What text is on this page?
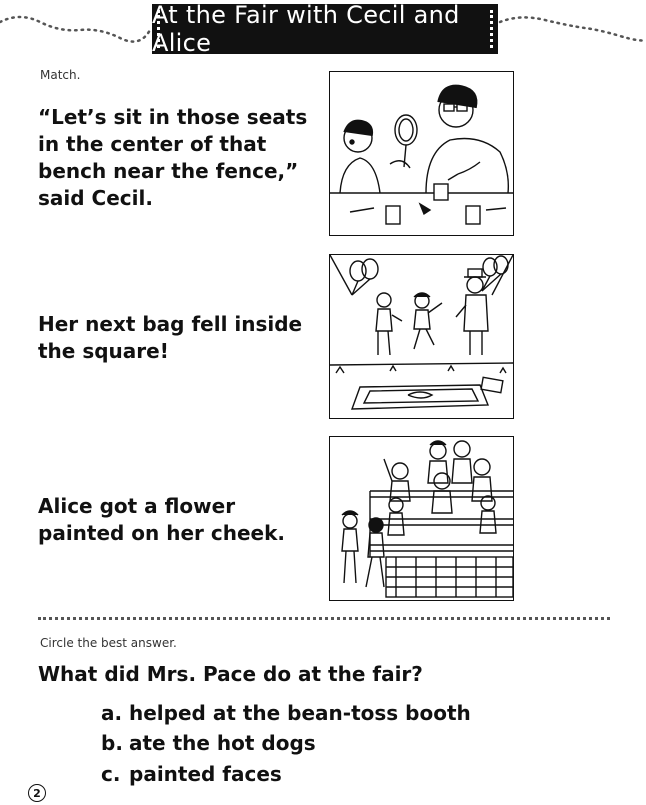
At the Fair with Cecil and Alice
Match.
“Let’s sit in those seats in the center of that bench near the fence,” said Cecil.
Her next bag fell inside the square!
Alice got a flower painted on her cheek.
Circle the best answer.
What did Mrs. Pace do at the fair?
a. helped at the bean-toss booth
b. ate the hot dogs
c. painted faces
2
